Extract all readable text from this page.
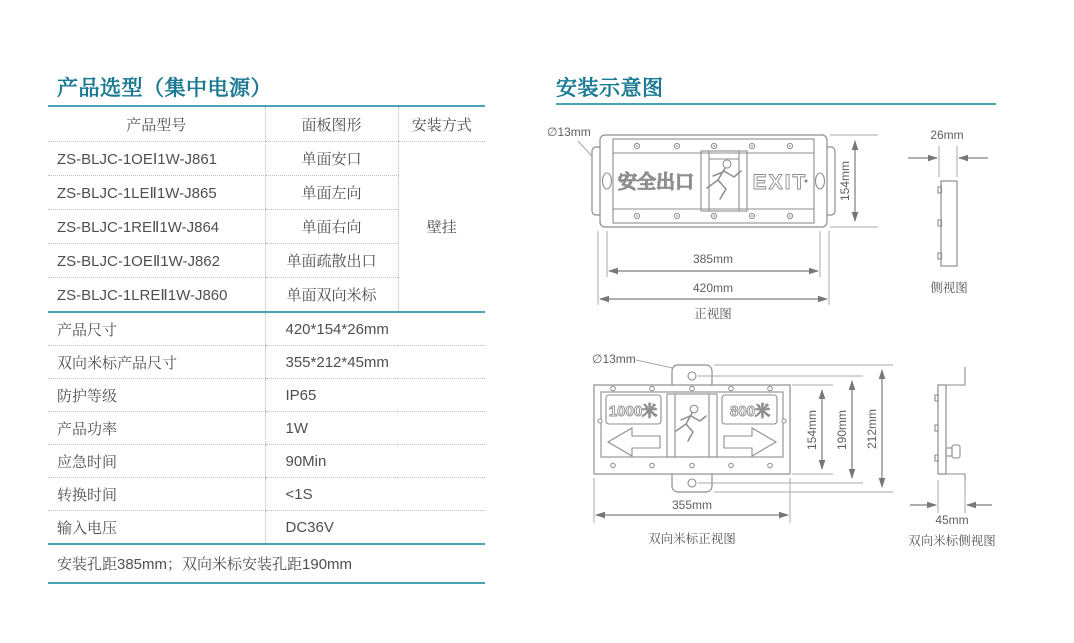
产品选型（集中电源）
产品型号	面板图形	安装方式
ZS-BLJC-1OEⅠ1W-J861	单面安口	壁挂
ZS-BLJC-1LEⅡ1W-J865	单面左向	
ZS-BLJC-1REⅡ1W-J864	单面右向	
ZS-BLJC-1OEⅡ1W-J862	单面疏散出口	
ZS-BLJC-1LREⅡ1W-J860	单面双向米标	
产品尺寸	420*154*26mm	
双向米标产品尺寸	355*212*45mm	
防护等级	IP65	
产品功率	1W	
应急时间	90Min	
转换时间	<1S	
输入电压	DC36V	
安装孔距385mm；双向米标安装孔距190mm		
安装示意图
∅13mm
安全出口	EXIT	154mm
385mm
420mm
正视图
26mm
侧视图
∅13mm
1000米	800米	154mm 190mm 212mm
355mm
双向米标正视图
45mm
双向米标侧视图
